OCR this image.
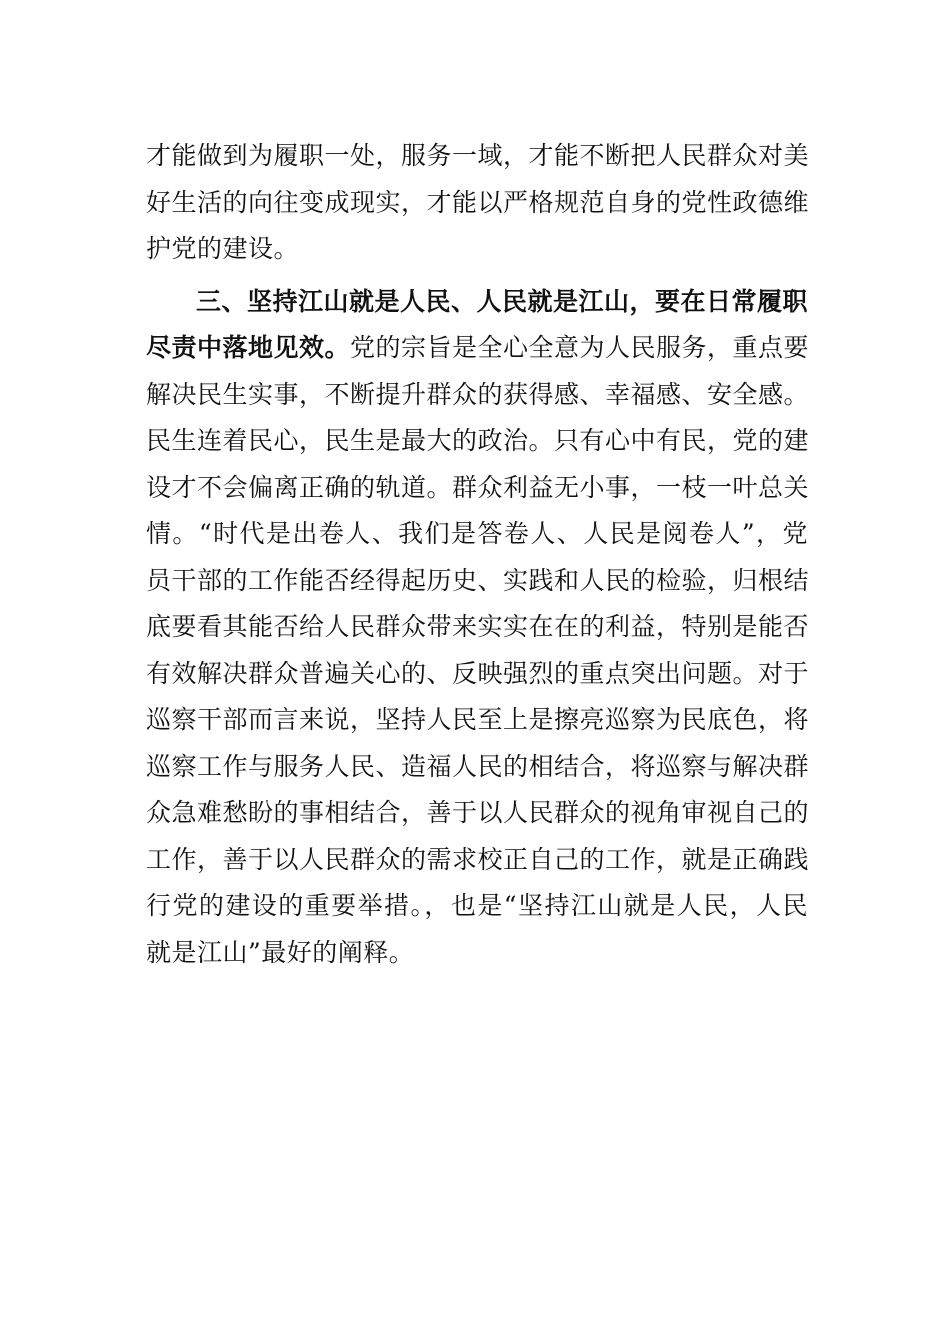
才能做到为履职一处，服务一域，才能不断把人民群众对美
好生活的向往变成现实，才能以严格规范自身的党性政德维
护党的建设。
三、坚持江山就是人民、人民就是江山，要在日常履职
尽责中落地见效。党的宗旨是全心全意为人民服务，重点要
解决民生实事，不断提升群众的获得感、幸福感、安全感。
民生连着民心，民生是最大的政治。只有心中有民，党的建
设才不会偏离正确的轨道。群众利益无小事，一枝一叶总关
情。“时代是出卷人、我们是答卷人、人民是阅卷人”，党
员干部的工作能否经得起历史、实践和人民的检验，归根结
底要看其能否给人民群众带来实实在在的利益，特别是能否
有效解决群众普遍关心的、反映强烈的重点突出问题。对于
巡察干部而言来说，坚持人民至上是擦亮巡察为民底色，将
巡察工作与服务人民、造福人民的相结合，将巡察与解决群
众急难愁盼的事相结合，善于以人民群众的视角审视自己的
工作，善于以人民群众的需求校正自己的工作，就是正确践
行党的建设的重要举措。，也是“坚持江山就是人民，人民
就是江山”最好的阐释。
